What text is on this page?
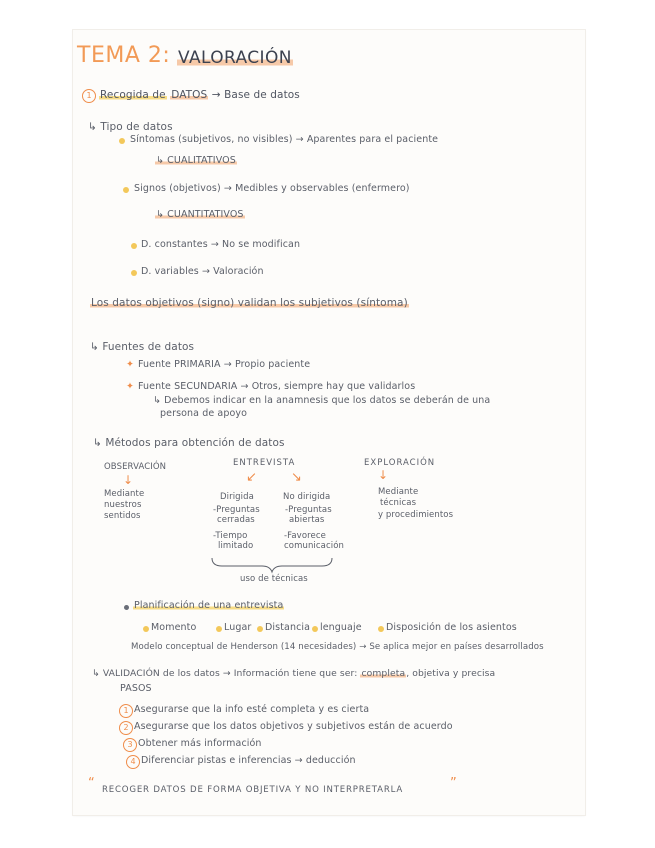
TEMA 2: VALORACIÓN
1 Recogida de DATOS → Base de datos
↳ Tipo de datos
Síntomas (subjetivos, no visibles) → Aparentes para el paciente
↳ CUALITATIVOS
Signos (objetivos) → Medibles y observables (enfermero)
↳ CUANTITATIVOS
D. constantes → No se modifican
D. variables → Valoración
Los datos objetivos (signo) validan los subjetivos (síntoma)
↳ Fuentes de datos
✦ Fuente PRIMARIA → Propio paciente
✦ Fuente SECUNDARIA → Otros, siempre hay que validarlos
↳ Debemos indicar en la anamnesis que los datos se deberán de una
persona de apoyo
↳ Métodos para obtención de datos
OBSERVACIÓN
↓
Mediante
nuestros
sentidos
ENTREVISTA
↙	↘
Dirigida
-Preguntas
cerradas
-Tiempo
limitado
No dirigida
-Preguntas
abiertas
-Favorece
comunicación
uso de técnicas
EXPLORACIÓN
↓
Mediante
técnicas
y procedimientos
Planificación de una entrevista
Momento	Lugar Distancia lenguaje	Disposición de los asientos
Modelo conceptual de Henderson (14 necesidades) → Se aplica mejor en países desarrollados
↳ VALIDACIÓN de los datos → Información tiene que ser: completa, objetiva y precisa
PASOS
1 Asegurarse que la info esté completa y es cierta
2 Asegurarse que los datos objetivos y subjetivos están de acuerdo
3 Obtener más información
4 Diferenciar pistas e inferencias → deducción
“ RECOGER DATOS DE FORMA OBJETIVA Y NO INTERPRETARLA	”
